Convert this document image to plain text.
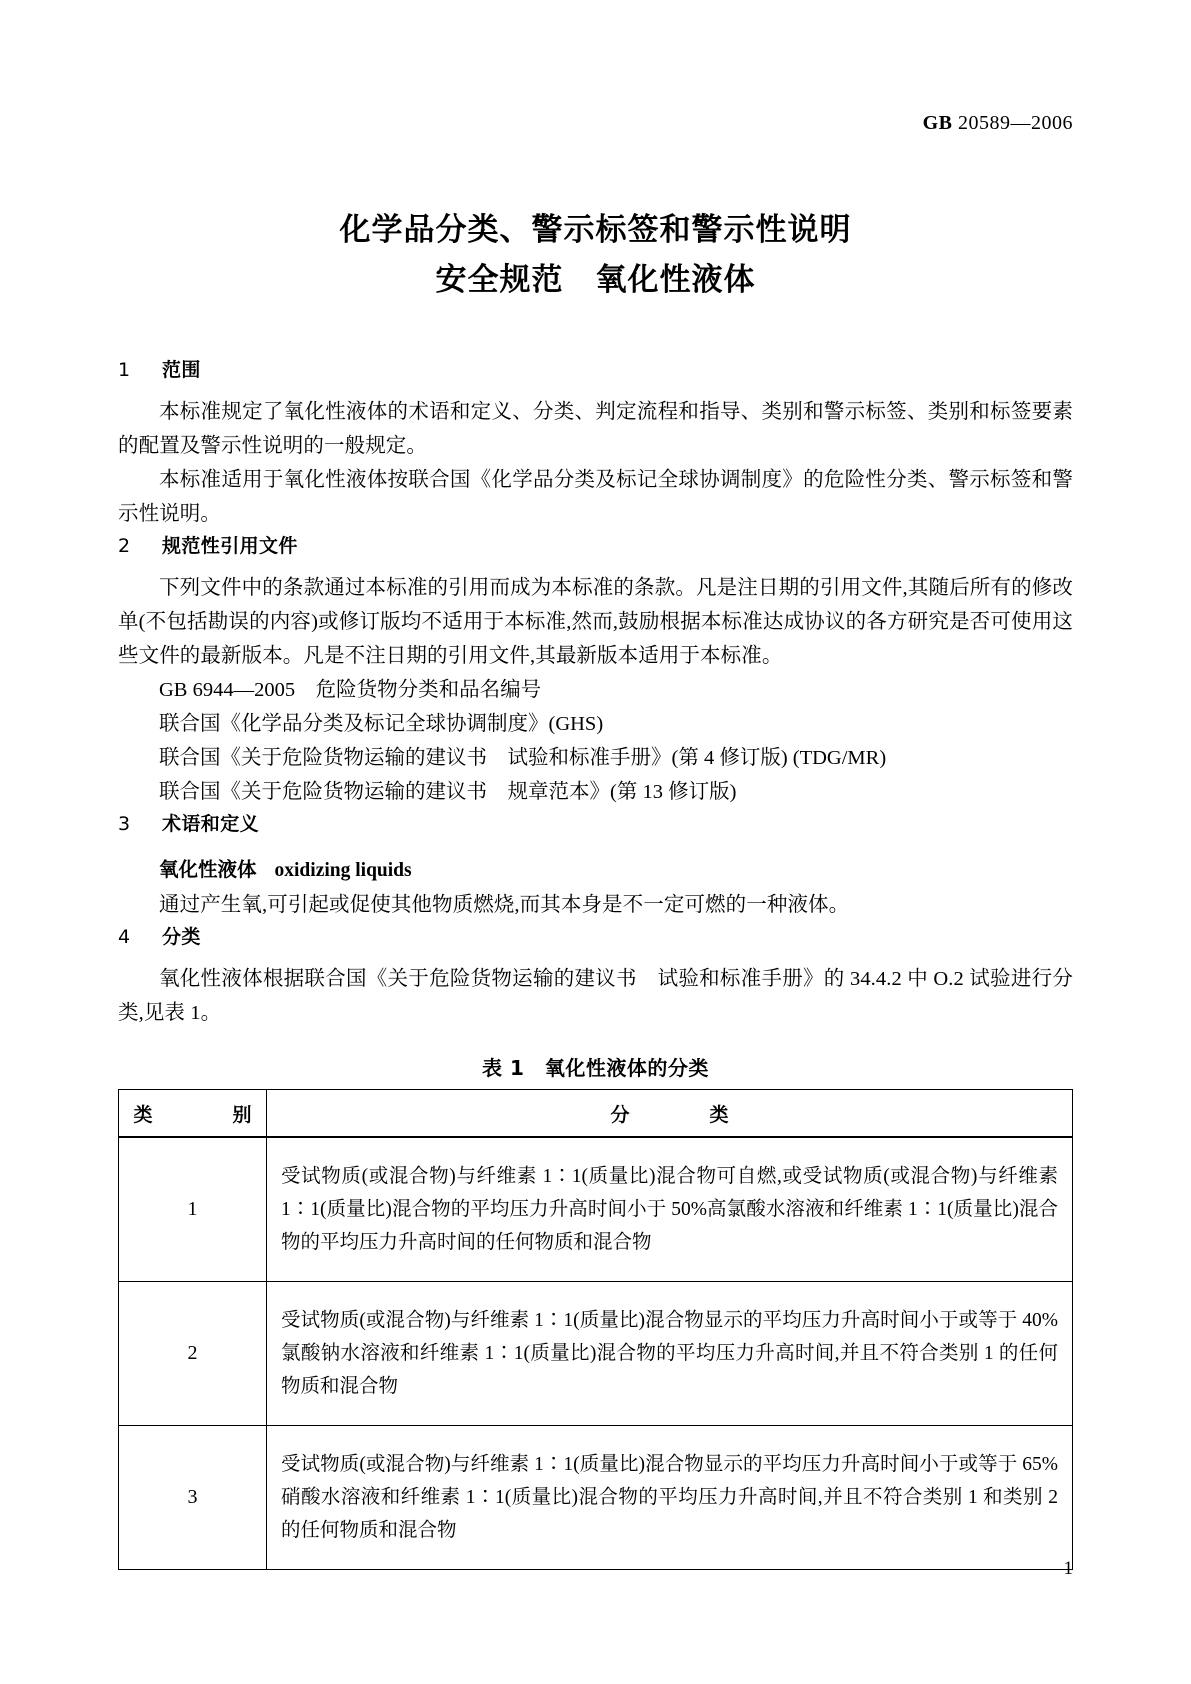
GB 20589—2006
化学品分类、警示标签和警示性说明
安全规范　氧化性液体
1 范围

本标准规定了氧化性液体的术语和定义、分类、判定流程和指导、类别和警示标签、类别和标签要素的配置及警示性说明的一般规定。

本标准适用于氧化性液体按联合国《化学品分类及标记全球协调制度》的危险性分类、警示标签和警示性说明。

2 规范性引用文件

下列文件中的条款通过本标准的引用而成为本标准的条款。凡是注日期的引用文件,其随后所有的修改单(不包括勘误的内容)或修订版均不适用于本标准,然而,鼓励根据本标准达成协议的各方研究是否可使用这些文件的最新版本。凡是不注日期的引用文件,其最新版本适用于本标准。

GB 6944—2005　危险货物分类和品名编号

联合国《化学品分类及标记全球协调制度》(GHS)

联合国《关于危险货物运输的建议书　试验和标准手册》(第 4 修订版) (TDG/MR)

联合国《关于危险货物运输的建议书　规章范本》(第 13 修订版)

3 术语和定义

氧化性液体 oxidizing liquids

通过产生氧,可引起或促使其他物质燃烧,而其本身是不一定可燃的一种液体。

4 分类

氧化性液体根据联合国《关于危险货物运输的建议书　试验和标准手册》的 34.4.2 中 O.2 试验进行分类,见表 1。

表 1　氧化性液体的分类
类　　别	分　　类
1	受试物质(或混合物)与纤维素 1∶1(质量比)混合物可自燃,或受试物质(或混合物)与纤维素 1∶1(质量比)混合物的平均压力升高时间小于 50%高氯酸水溶液和纤维素 1∶1(质量比)混合物的平均压力升高时间的任何物质和混合物
2	受试物质(或混合物)与纤维素 1∶1(质量比)混合物显示的平均压力升高时间小于或等于 40%氯酸钠水溶液和纤维素 1∶1(质量比)混合物的平均压力升高时间,并且不符合类别 1 的任何物质和混合物
3	受试物质(或混合物)与纤维素 1∶1(质量比)混合物显示的平均压力升高时间小于或等于 65%硝酸水溶液和纤维素 1∶1(质量比)混合物的平均压力升高时间,并且不符合类别 1 和类别 2 的任何物质和混合物
1
